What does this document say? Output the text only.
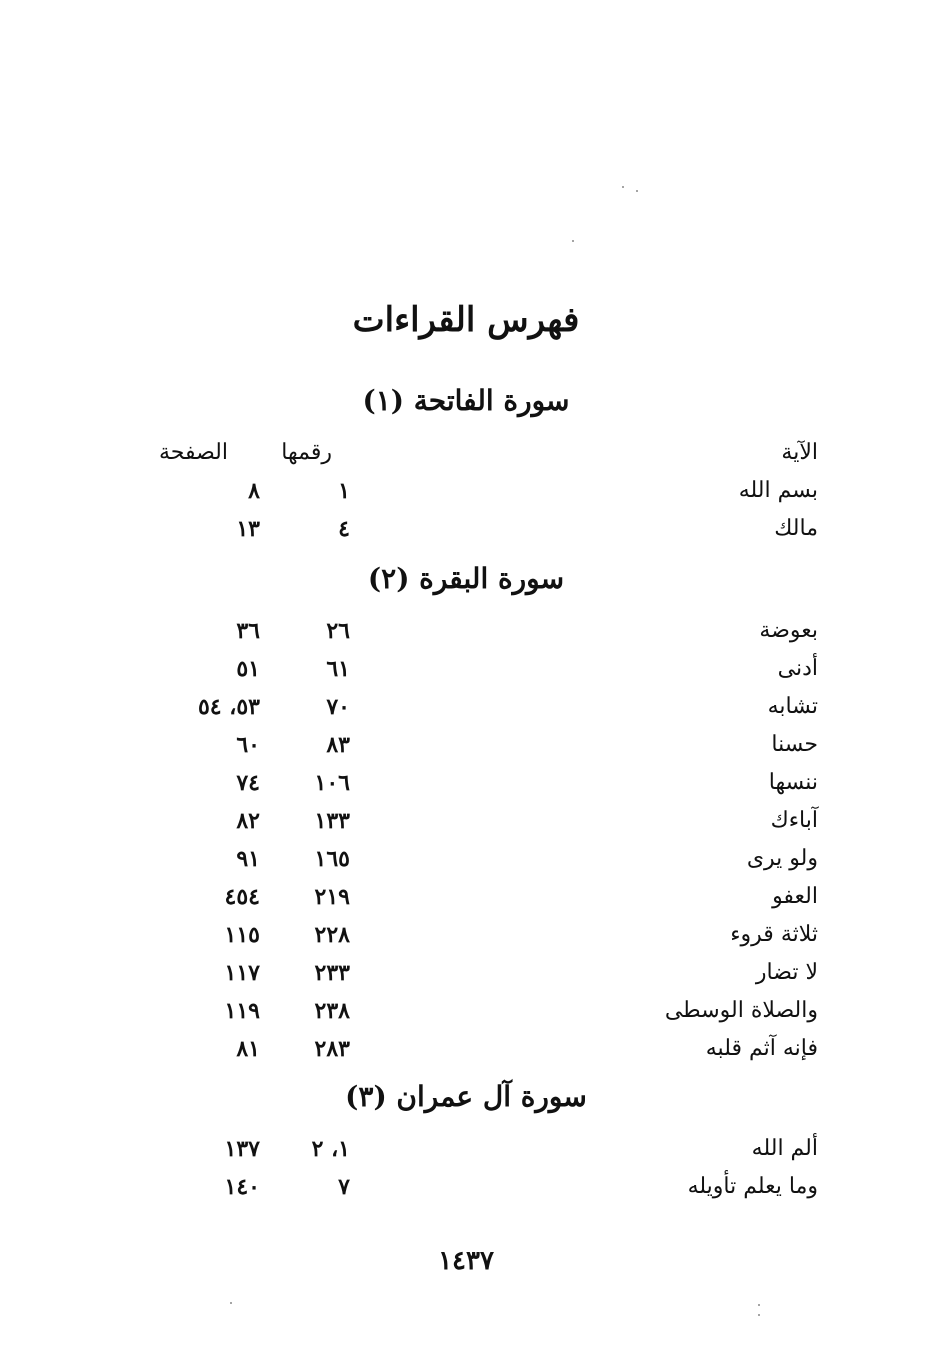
فهرس القراءات
سورة الفاتحة (١)
الآية
رقمها
الصفحة
بسم الله
١
٨
مالك
٤
١٣
سورة البقرة (٢)
بعوضة
٢٦
٣٦
أدنى
٦١
٥١
تشابه
٧٠
٥٣، ٥٤
حسنا
٨٣
٦٠
ننسها
١٠٦
٧٤
آباءك
١٣٣
٨٢
ولو يرى
١٦٥
٩١
العفو
٢١٩
٤٥٤
ثلاثة قروء
٢٢٨
١١٥
لا تضار
٢٣٣
١١٧
والصلاة الوسطى
٢٣٨
١١٩
فإنه آثم قلبه
٢٨٣
٨١
سورة آل عمران (٣)
ألم الله
١، ٢
١٣٧
وما يعلم تأويله
٧
١٤٠
١٤٣٧
